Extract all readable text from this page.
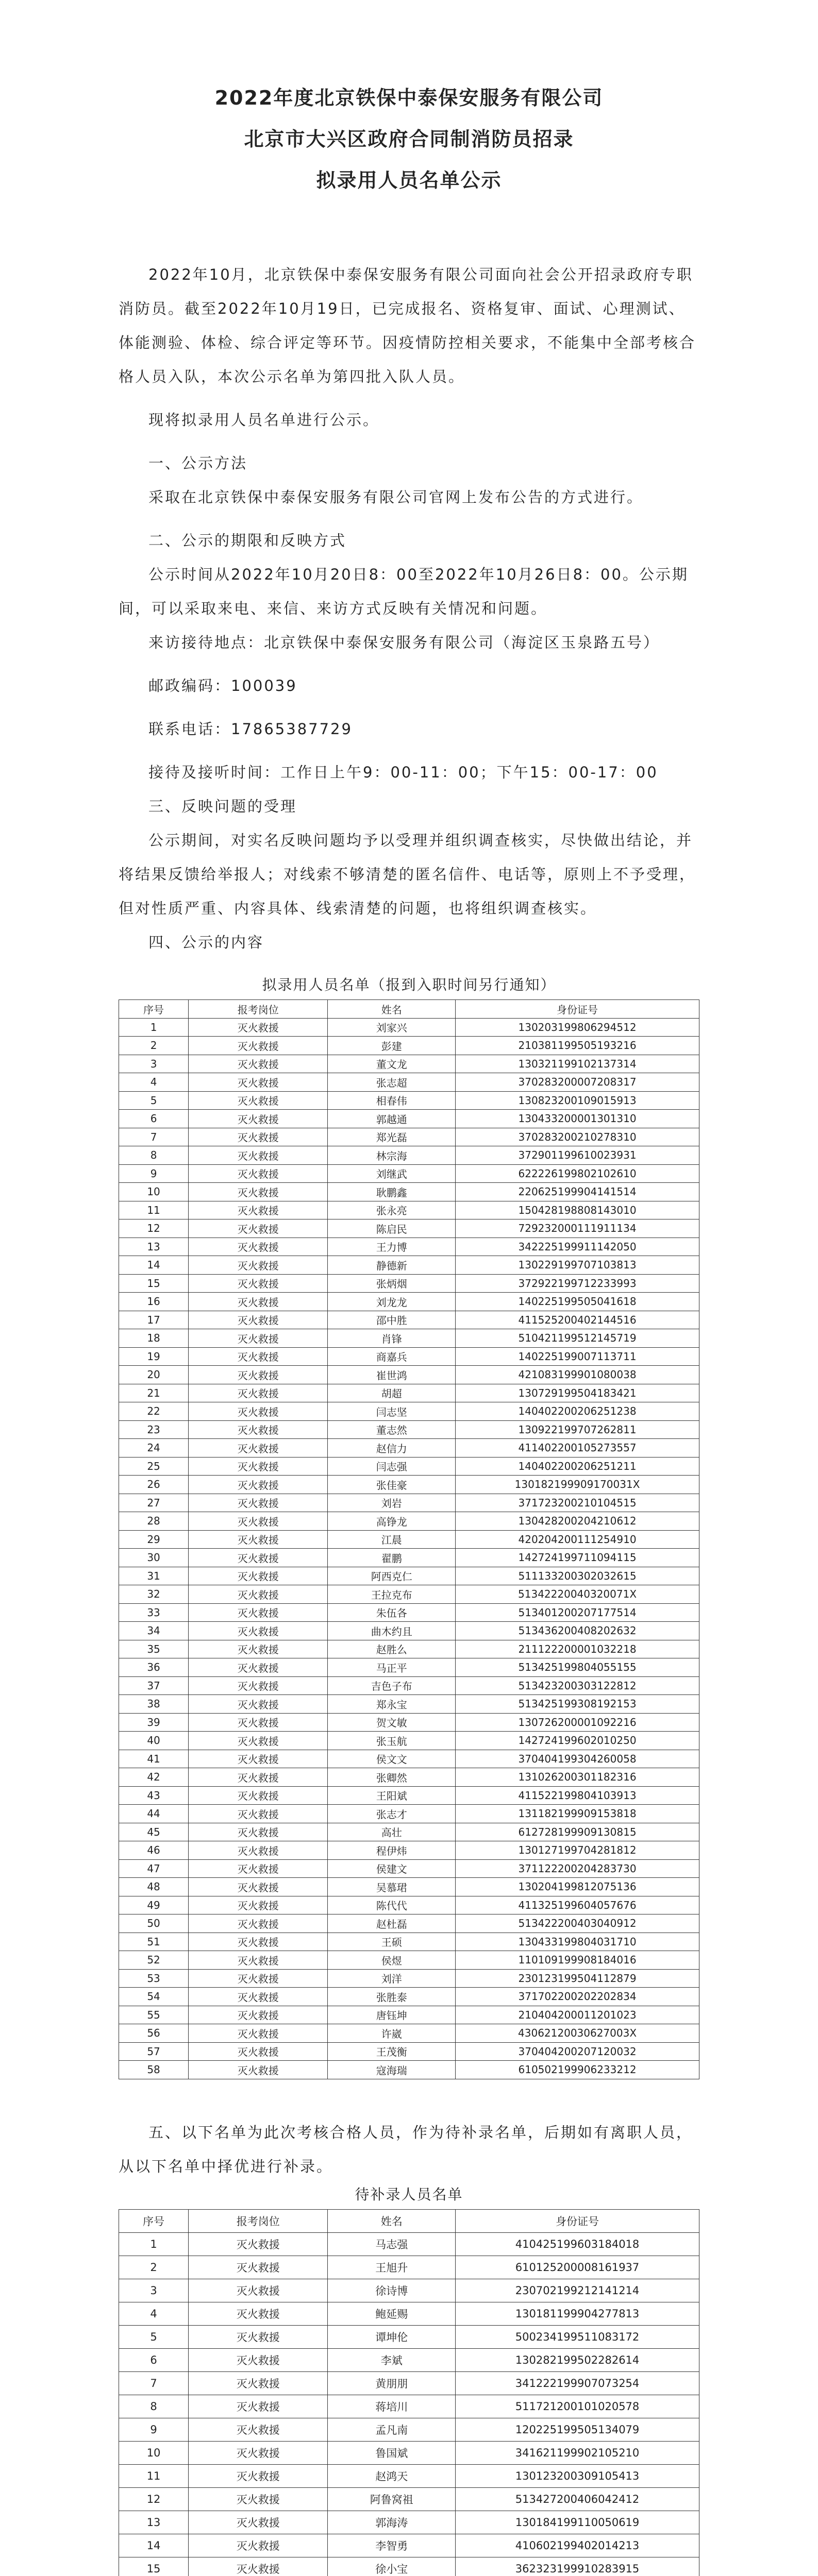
2022年度北京铁保中泰保安服务有限公司
北京市大兴区政府合同制消防员招录
拟录用人员名单公示

2022年10月，北京铁保中泰保安服务有限公司面向社会公开招录政府专职消防员。截至2022年10月19日，已完成报名、资格复审、面试、心理测试、体能测验、体检、综合评定等环节。因疫情防控相关要求，不能集中全部考核合格人员入队，本次公示名单为第四批入队人员。

现将拟录用人员名单进行公示。

一、公示方法

采取在北京铁保中泰保安服务有限公司官网上发布公告的方式进行。

二、公示的期限和反映方式

公示时间从2022年10月20日8：00至2022年10月26日8：00。公示期间，可以采取来电、来信、来访方式反映有关情况和问题。

来访接待地点：北京铁保中泰保安服务有限公司（海淀区玉泉路五号）

邮政编码：100039

联系电话：17865387729

接待及接听时间：工作日上午9：00-11：00；下午15：00-17：00

三、反映问题的受理

公示期间，对实名反映问题均予以受理并组织调查核实，尽快做出结论，并将结果反馈给举报人；对线索不够清楚的匿名信件、电话等，原则上不予受理，但对性质严重、内容具体、线索清楚的问题，也将组织调查核实。

四、公示的内容

拟录用人员名单（报到入职时间另行通知）
序号	报考岗位	姓名	身份证号
1	灭火救援	刘家兴	130203199806294512
2	灭火救援	彭建	210381199505193216
3	灭火救援	董文龙	130321199102137314
4	灭火救援	张志超	370283200007208317
5	灭火救援	相春伟	130823200109015913
6	灭火救援	郭越通	130433200001301310
7	灭火救援	郑光磊	370283200210278310
8	灭火救援	林宗海	372901199610023931
9	灭火救援	刘继武	622226199802102610
10	灭火救援	耿鹏鑫	220625199904141514
11	灭火救援	张永亮	150428198808143010
12	灭火救援	陈启民	729232000111911134
13	灭火救援	王力博	342225199911142050
14	灭火救援	静德新	130229199707103813
15	灭火救援	张炳烟	372922199712233993
16	灭火救援	刘龙龙	140225199505041618
17	灭火救援	邵中胜	411525200402144516
18	灭火救援	肖锋	510421199512145719
19	灭火救援	商嘉兵	140225199007113711
20	灭火救援	崔世鸿	421083199901080038
21	灭火救援	胡超	130729199504183421
22	灭火救援	闫志坚	140402200206251238
23	灭火救援	董志然	130922199707262811
24	灭火救援	赵信力	411402200105273557
25	灭火救援	闫志强	140402200206251211
26	灭火救援	张佳豪	130182199909170031X
27	灭火救援	刘岩	371723200210104515
28	灭火救援	高铮龙	130428200204210612
29	灭火救援	江晨	420204200111254910
30	灭火救援	翟鹏	142724199711094115
31	灭火救援	阿西克仁	511133200302032615
32	灭火救援	王拉克布	51342220040320071X
33	灭火救援	朱伍各	513401200207177514
34	灭火救援	曲木约且	513436200408202632
35	灭火救援	赵胜么	211122200001032218
36	灭火救援	马正平	513425199804055155
37	灭火救援	吉色子布	513423200303122812
38	灭火救援	郑永宝	513425199308192153
39	灭火救援	贺文敏	130726200001092216
40	灭火救援	张玉航	142724199602010250
41	灭火救援	侯文文	370404199304260058
42	灭火救援	张卿然	131026200301182316
43	灭火救援	王阳斌	411522199804103913
44	灭火救援	张志才	131182199909153818
45	灭火救援	高壮	612728199909130815
46	灭火救援	程伊炜	130127199704281812
47	灭火救援	侯建文	371122200204283730
48	灭火救援	吴慕珺	130204199812075136
49	灭火救援	陈代代	411325199604057676
50	灭火救援	赵杜磊	513422200403040912
51	灭火救援	王硕	130433199804031710
52	灭火救援	侯煜	110109199908184016
53	灭火救援	刘洋	230123199504112879
54	灭火救援	张胜泰	371702200202202834
55	灭火救援	唐钰坤	210404200011201023
56	灭火救援	许崴	43062120030627003X
57	灭火救援	王茂衡	370404200207120032
58	灭火救援	寇海瑞	610502199906233212

五、以下名单为此次考核合格人员，作为待补录名单，后期如有离职人员，从以下名单中择优进行补录。

待补录人员名单
序号	报考岗位	姓名	身份证号
1	灭火救援	马志强	410425199603184018
2	灭火救援	王旭升	610125200008161937
3	灭火救援	徐诗博	230702199212141214
4	灭火救援	鲍延赐	130181199904277813
5	灭火救援	谭坤伦	500234199511083172
6	灭火救援	李斌	130282199502282614
7	灭火救援	黄朋朋	341222199907073254
8	灭火救援	蒋培川	511721200101020578
9	灭火救援	孟凡南	120225199505134079
10	灭火救援	鲁国斌	341621199902105210
11	灭火救援	赵鸿天	130123200309105413
12	灭火救援	阿鲁窝祖	513427200406042412
13	灭火救援	郭海涛	130184199110050619
14	灭火救援	李智勇	410602199402014213
15	灭火救援	徐小宝	362323199910283915
